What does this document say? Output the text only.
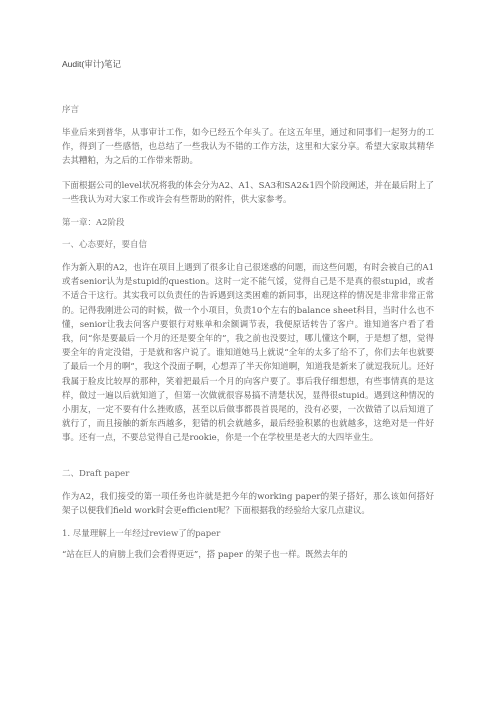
Audit(审计)笔记
序言
毕业后来到普华，从事审计工作，如今已经五个年头了。在这五年里，通过和同事们一起努力的工作，得到了一些感悟，也总结了一些我认为不错的工作方法，这里和大家分享。希望大家取其精华去其糟粕，为之后的工作带来帮助。
下面根据公司的level状况将我的体会分为A2、A1、SA3和SA2&1四个阶段阐述，并在最后附上了一些我认为对大家工作或许会有些帮助的附件，供大家参考。
第一章：A2阶段
一、心态要好，要自信
作为新入职的A2，也许在项目上遇到了很多让自己很迷惑的问题，而这些问题，有时会被自己的A1或者senior认为是stupid的question。这时一定不能气馁，觉得自己是不是真的很stupid，或者不适合干这行。其实我可以负责任的告诉遇到这类困难的新同事，出现这样的情况是非常非常正常的。记得我刚进公司的时候，做一个小项目，负责10个左右的balance sheet科目，当时什么也不懂，senior让我去问客户要银行对账单和余额调节表，我便原话转告了客户。谁知道客户看了看我，问“你是要最后一个月的还是要全年的”，我之前也没要过，哪儿懂这个啊，于是想了想，觉得要全年的肯定没错，于是就和客户说了。谁知道她马上就说“全年的太多了给不了，你们去年也就要了最后一个月的啊”，我这个没面子啊，心想弄了半天你知道啊，知道我是新来了就逗我玩儿。还好我属于脸皮比较厚的那种，笑着把最后一个月的向客户要了。事后我仔细想想，有些事情真的是这样，做过一遍以后就知道了，但第一次做就很容易搞不清楚状况，显得很stupid。遇到这种情况的小朋友，一定不要有什么挫败感，甚至以后做事都畏首畏尾的，没有必要，一次做错了以后知道了就行了，而且接触的新东西越多，犯错的机会就越多，最后经验积累的也就越多，这绝对是一件好事。还有一点，不要总觉得自己是rookie，你是一个在学校里是老大的大四毕业生。
二、Draft paper
作为A2，我们接受的第一项任务也许就是把今年的working paper的架子搭好，那么该如何搭好架子以便我们field work时会更efficient呢？下面根据我的经验给大家几点建议。
1. 尽量理解上一年经过review了的paper
“站在巨人的肩膀上我们会看得更远”，搭 paper 的架子也一样。既然去年的
